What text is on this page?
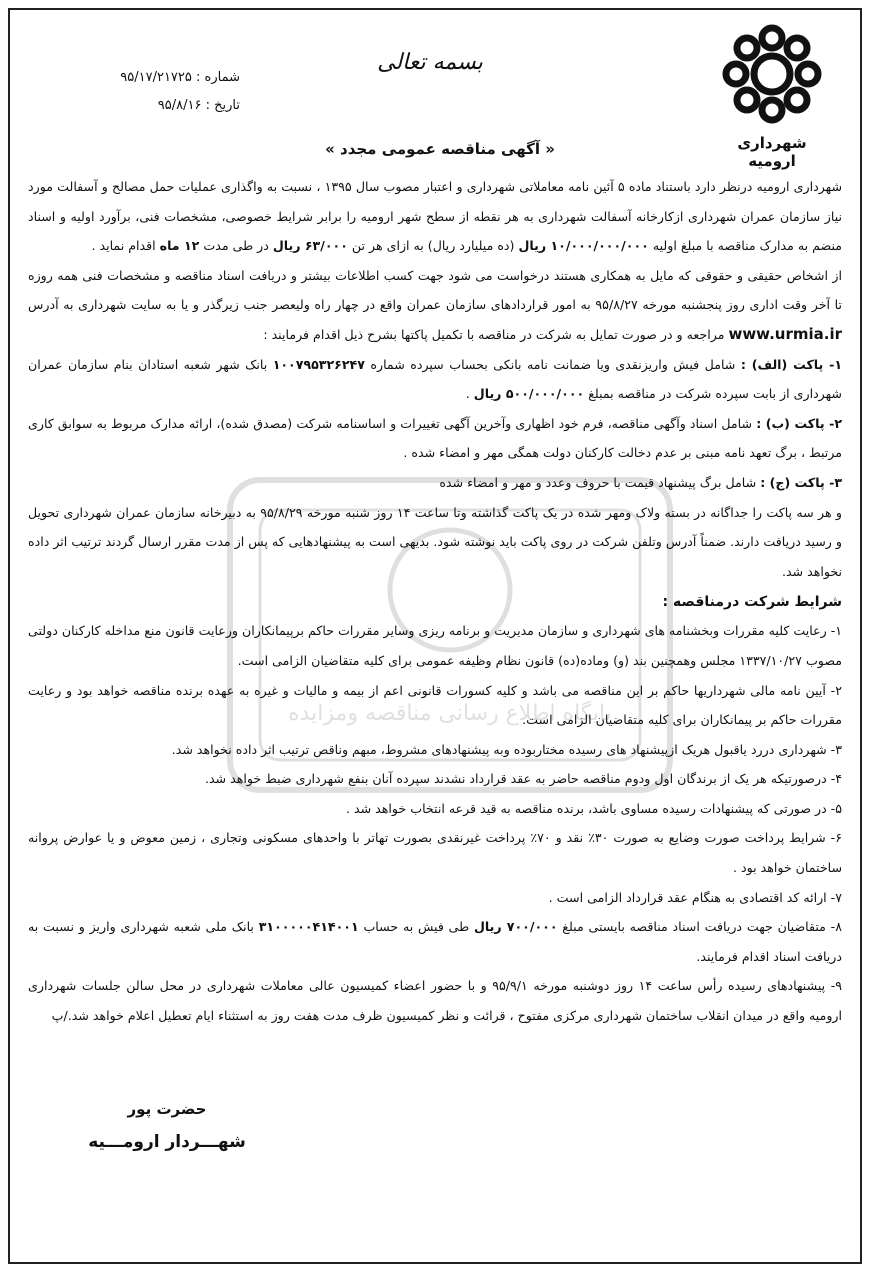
شهرداری ارومیه
بسمه تعالی
شماره : ۹۵/۱۷/۲۱۷۲۵
تاریخ : ۹۵/۸/۱۶
« آگهی مناقصه عمومی مجدد »
پایگاه اطلاع رسانی مناقصه ومزایده

شهرداری ارومیه درنظر دارد باستناد ماده ۵ آئین نامه معاملاتی شهرداری و اعتبار مصوب سال ۱۳۹۵ ، نسبت به واگذاری عملیات حمل مصالح و آسفالت مورد نیاز سازمان عمران شهرداری ازکارخانه آسفالت شهرداری به هر نقطه از سطح شهر ارومیه را برابر شرایط خصوصی، مشخصات فنی، برآورد اولیه و اسناد منضم به مدارک مناقصه با مبلغ اولیه ۱۰/۰۰۰/۰۰۰/۰۰۰ ریال (ده میلیارد ریال) به ازای هر تن ۶۳/۰۰۰ ریال در طی مدت ۱۲ ماه اقدام نماید .

از اشخاص حقیقی و حقوقی که مایل به همکاری هستند درخواست می شود جهت کسب اطلاعات بیشتر و دریافت اسناد مناقصه و مشخصات فنی همه روزه تا آخر وقت اداری روز پنجشنبه مورخه ۹۵/۸/۲۷ به امور قراردادهای سازمان عمران واقع در چهار راه ولیعصر جنب زیرگذر و یا به سایت شهرداری به آدرس www.urmia.ir مراجعه و در صورت تمایل به شرکت در مناقصه با تکمیل پاکتها بشرح ذیل اقدام فرمایند :

۱- پاکت (الف) : شامل فیش واریزنقدی ویا ضمانت نامه بانکی بحساب سپرده شماره ۱۰۰۷۹۵۳۲۶۲۴۷ بانک شهر شعبه استادان بنام سازمان عمران شهرداری از بابت سپرده شرکت در مناقصه بمبلغ ۵۰۰/۰۰۰/۰۰۰ ریال .

۲- پاکت (ب) : شامل اسناد وآگهی مناقصه، فرم خود اظهاری وآخرین آگهی تغییرات و اساسنامه شرکت (مصدق شده)، ارائه مدارک مربوط به سوابق کاری مرتبط ، برگ تعهد نامه مبنی بر عدم دخالت کارکنان دولت همگی مهر و امضاء شده .

۳- پاکت (ج) : شامل برگ پیشنهاد قیمت با حروف وعدد و مهر و امضاء شده

و هر سه پاکت را جداگانه در بسته ولاک ومهر شده در یک پاکت گذاشته وتا ساعت ۱۴ روز شنبه مورخه ۹۵/۸/۲۹ به دبیرخانه سازمان عمران شهرداری تحویل و رسید دریافت دارند. ضمناً آدرس وتلفن شرکت در روی پاکت باید نوشته شود. بدیهی است به پیشنهادهایی که پس از مدت مقرر ارسال گردند ترتیب اثر داده نخواهد شد.

شرایط شرکت درمناقصه :

۱- رعایت کلیه مقررات وبخشنامه های شهرداری و سازمان مدیریت و برنامه ریزی وسایر مقررات حاکم برپیمانکاران ورعایت قانون منع مداخله کارکنان دولتی مصوب ۱۳۳۷/۱۰/۲۷ مجلس وهمچنین بند (و) وماده(ده) قانون نظام وظیفه عمومی برای کلیه متقاضیان الزامی است.

۲- آیین نامه مالی شهرداریها حاکم بر این مناقصه می باشد و کلیه کسورات قانونی اعم از بیمه و مالیات و غیره به عهده برنده مناقصه خواهد بود و رعایت مقررات حاکم بر پیمانکاران برای کلیه متقاضیان الزامی است.

۳- شهرداری دررد یاقبول هریک ازپیشنهاد های رسیده مختاربوده وبه پیشنهادهای مشروط، مبهم وناقص ترتیب اثر داده نخواهد شد.

۴- درصورتیکه هر یک از برندگان اول ودوم مناقصه حاضر به عقد قرارداد نشدند سپرده آنان بنفع شهرداری ضبط خواهد شد.

۵- در صورتی که پیشنهادات رسیده مساوی باشد، برنده مناقصه به قید قرعه انتخاب خواهد شد .

۶- شرایط پرداخت صورت وضایع به صورت ۳۰٪ نقد و ۷۰٪ پرداخت غیرنقدی بصورت تهاتر با واحدهای مسکونی وتجاری ، زمین معوض و یا عوارض پروانه ساختمان خواهد بود .

۷- ارائه کد اقتصادی به هنگام عقد قرارداد الزامی است .

۸- متقاضیان جهت دریافت اسناد مناقصه بایستی مبلغ ۷۰۰/۰۰۰ ریال طی فیش به حساب ۳۱۰۰۰۰۰۴۱۴۰۰۱ بانک ملی شعبه شهرداری واریز و نسبت به دریافت اسناد اقدام فرمایند.

۹- پیشنهادهای رسیده رأس ساعت ۱۴ روز دوشنبه مورخه ۹۵/۹/۱ و با حضور اعضاء کمیسیون عالی معاملات شهرداری در محل سالن جلسات شهرداری ارومیه واقع در میدان انقلاب ساختمان شهرداری مرکزی مفتوح ، قرائت و نظر کمیسیون ظرف مدت هفت روز به استثناء ایام تعطیل اعلام خواهد شد./پ

حضرت پور
شهـــردار ارومـــیه
